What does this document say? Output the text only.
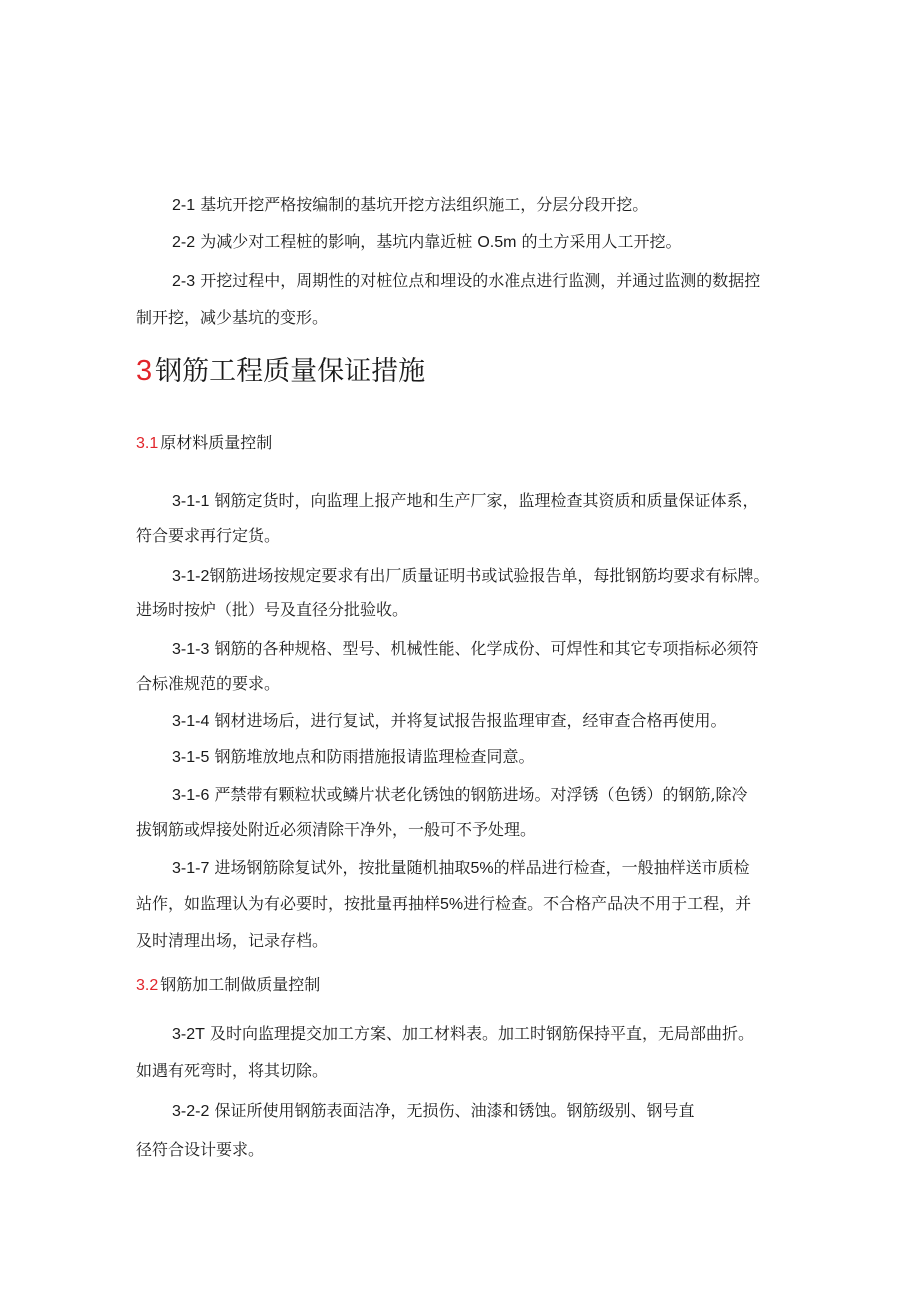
2-1 基坑开挖严格按编制的基坑开挖方法组织施工，分层分段开挖。
2-2 为减少对工程桩的影响，基坑内靠近桩 O.5m 的土方采用人工开挖。
2-3 开挖过程中，周期性的对桩位点和埋设的水准点进行监测，并通过监测的数据控
制开挖，减少基坑的变形。
3 钢筋工程质量保证措施
3.1 原材料质量控制
3-1-1 钢筋定货时，向监理上报产地和生产厂家，监理检查其资质和质量保证体系，
符合要求再行定货。
3-1-2钢筋进场按规定要求有出厂质量证明书或试验报告单，每批钢筋均要求有标牌。
进场时按炉（批）号及直径分批验收。
3-1-3 钢筋的各种规格、型号、机械性能、化学成份、可焊性和其它专项指标必须符
合标准规范的要求。
3-1-4 钢材进场后，进行复试，并将复试报告报监理审查，经审查合格再使用。
3-1-5 钢筋堆放地点和防雨措施报请监理检查同意。
3-1-6 严禁带有颗粒状或鳞片状老化锈蚀的钢筋进场。对浮锈（色锈）的钢筋,除冷
拔钢筋或焊接处附近必须清除干净外，一般可不予处理。
3-1-7 进场钢筋除复试外，按批量随机抽取5%的样品进行检查，一般抽样送市质检
站作，如监理认为有必要时，按批量再抽样5%进行检查。不合格产品决不用于工程，并
及时清理出场，记录存档。
3.2 钢筋加工制做质量控制
3-2T 及时向监理提交加工方案、加工材料表。加工时钢筋保持平直，无局部曲折。
如遇有死弯时，将其切除。
3-2-2 保证所使用钢筋表面洁净，无损伤、油漆和锈蚀。钢筋级别、钢号直
径符合设计要求。
